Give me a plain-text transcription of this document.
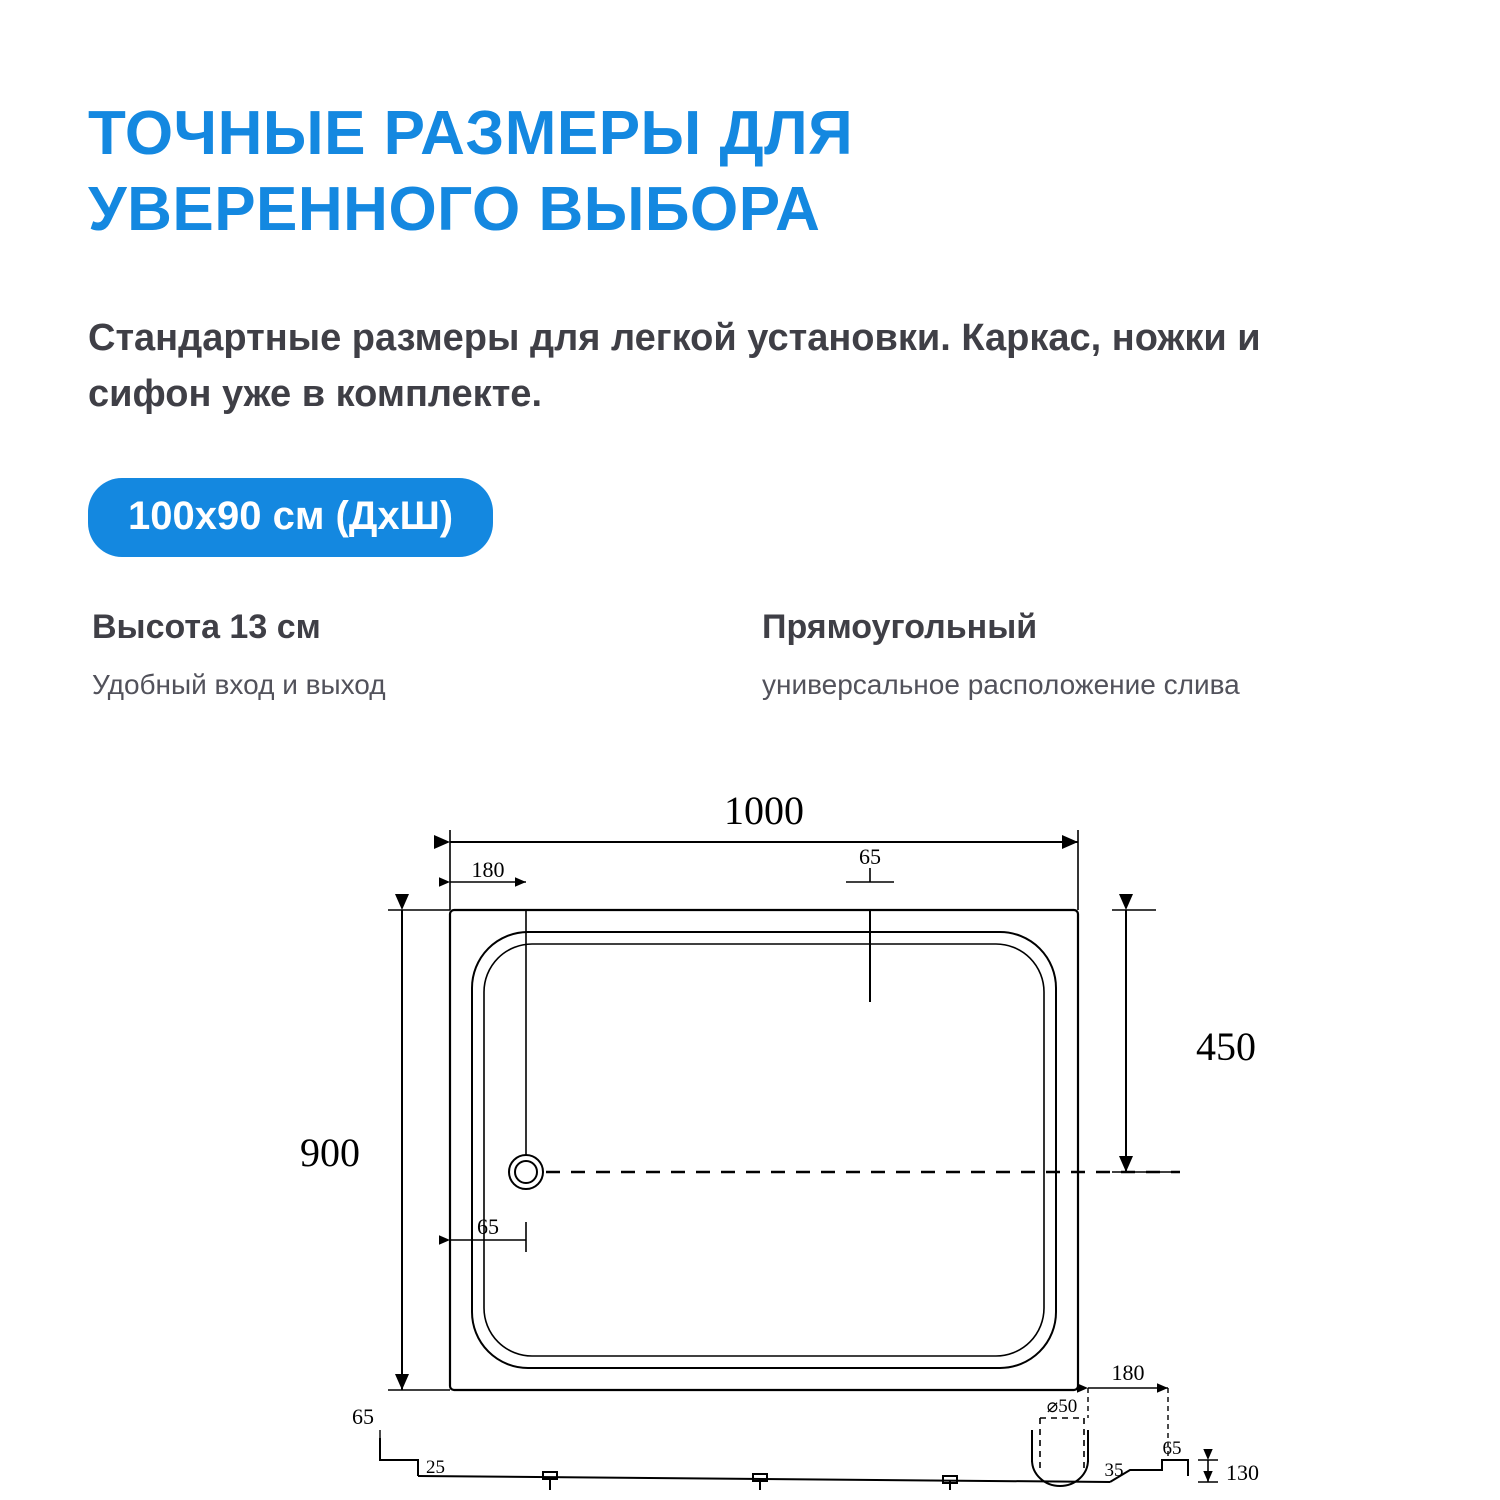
ТОЧНЫЕ РАЗМЕРЫ ДЛЯ УВЕРЕННОГО ВЫБОРА
Стандартные размеры для легкой установки. Каркас, ножки и сифон уже в комплекте.
100x90 см (ДхШ)
Высота 13 см
Удобный вход и выход
Прямоугольный
универсальное расположение слива
1000
180
65
900
450
65
65
25
⌀50
180
35
65
130
